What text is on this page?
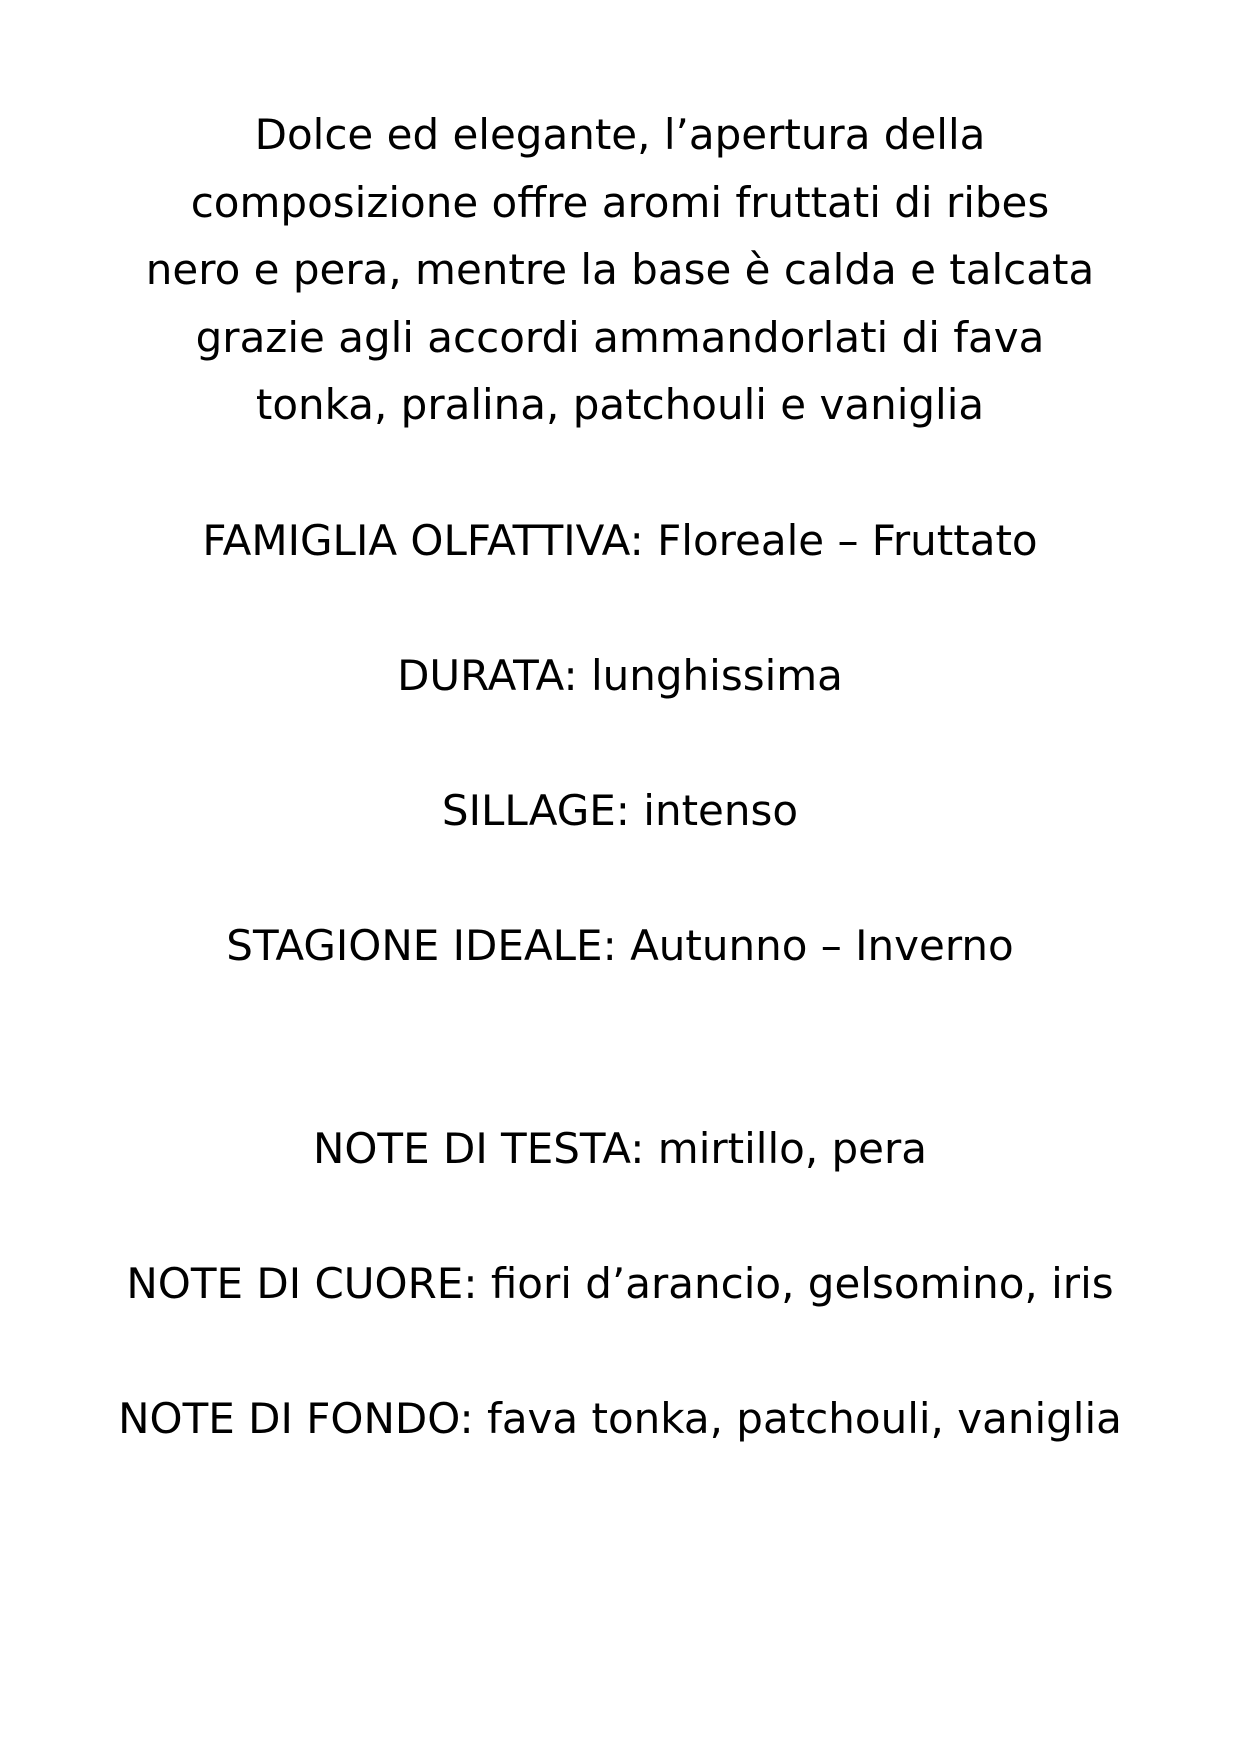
Dolce ed elegante, l’apertura della
composizione offre aromi fruttati di ribes
nero e pera, mentre la base è calda e talcata
grazie agli accordi ammandorlati di fava
tonka, pralina, patchouli e vaniglia
FAMIGLIA OLFATTIVA: Floreale – Fruttato
DURATA: lunghissima
SILLAGE: intenso
STAGIONE IDEALE: Autunno – Inverno
NOTE DI TESTA: mirtillo, pera
NOTE DI CUORE: fiori d’arancio, gelsomino, iris
NOTE DI FONDO: fava tonka, patchouli, vaniglia
